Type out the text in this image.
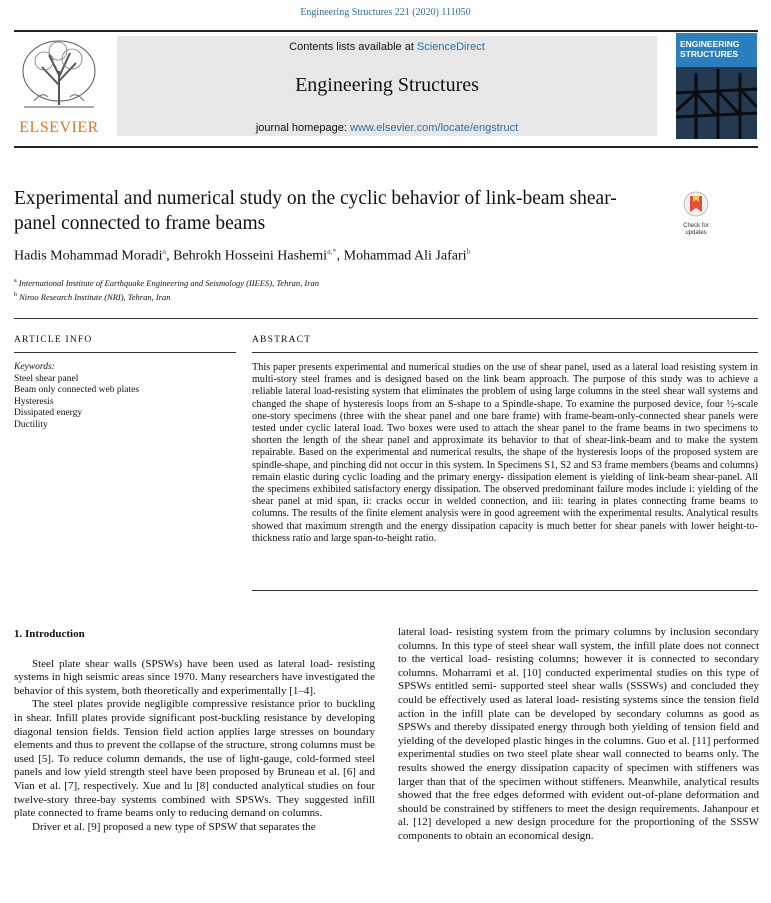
Engineering Structures 221 (2020) 111050
ELSEVIER
Contents lists available at ScienceDirect
Engineering Structures
journal homepage: www.elsevier.com/locate/engstruct
ENGINEERING
STRUCTURES
Experimental and numerical study on the cyclic behavior of link-beam shear-panel connected to frame beams	Check for
updates
Hadis Mohammad Moradi$^a$, Behrokh Hosseini Hashemi$^{a,*}$, Mohammad Ali Jafari$^b$
$^a$ International Institute of Earthquake Engineering and Seismology (IIEES), Tehran, Iran
$^b$ Niroo Research Institute (NRI), Tehran, Iran
ARTICLE INFO	ABSTRACT
Keywords:
Steel shear panel
Beam only connected web plates
Hysteresis
Dissipated energy
Ductility
This paper presents experimental and numerical studies on the use of shear panel, used as a lateral load resisting system in multi-story steel frames and is designed based on the link beam approach. The purpose of this study was to achieve a reliable lateral load-resisting system that eliminates the problem of using large columns in the steel shear wall systems and changed the shape of hysteresis loops from an S-shape to a Spindle-shape. To examine the purposed device, four ½-scale one-story specimens (three with the shear panel and one bare frame) with frame-beam-only-connected shear panels were tested under cyclic lateral load. Two boxes were used to attach the shear panel to the frame beams in two specimens to shorten the length of the shear panel and approximate its behavior to that of shear-link-beam and to make the system repairable. Based on the experimental and numerical results, the shape of the hysteresis loops of the proposed system are spindle-shape, and pinching did not occur in this system. In Specimens S1, S2 and S3 frame members (beams and columns) remain elastic during cyclic loading and the primary energy- dissipation element is yielding of link-beam shear-panel. All the specimens exhibited satisfactory energy dissipation. The observed predominant failure modes include i: yielding of the shear panel at mid span, ii: cracks occur in welded connection, and iii: tearing in plates connecting frame beams to columns. The results of the finite element analysis were in good agreement with the experimental results. Analytical results showed that maximum strength and the energy dissipation capacity is much better for shear panels with lower height-to-thickness ratio and large span-to-height ratio.
1. Introduction

Steel plate shear walls (SPSWs) have been used as lateral load- resisting systems in high seismic areas since 1970. Many researchers have investigated the behavior of this system, both theoretically and experimentally [1–4].

The steel plates provide negligible compressive resistance prior to buckling in shear. Infill plates provide significant post-buckling resistance by developing diagonal tension fields. Tension field action applies large stresses on boundary elements and thus to prevent the collapse of the structure, strong columns must be used [5]. To reduce column demands, the use of light-gauge, cold-formed steel panels and low yield strength steel have been proposed by Bruneau et al. [6] and Vian et al. [7], respectively. Xue and lu [8] conducted analytical studies on four twelve-story three-bay systems combined with SPSWs. They suggested infill plate connected to frame beams only to reducing demand on columns.

Driver et al. [9] proposed a new type of SPSW that separates the

lateral load- resisting system from the primary columns by inclusion secondary columns. In this type of steel shear wall system, the infill plate does not connect to the vertical load- resisting columns; however it is connected to secondary columns. Moharrami et al. [10] conducted experimental studies on this type of SPSWs entitled semi- supported steel shear walls (SSSWs) and concluded they could be effectively used as lateral load- resisting systems since the tension field action in the infill plate can be developed by secondary columns as good as SPSWs and thereby dissipated energy through both yielding of tension field and yielding of the developed plastic hinges in the columns. Guo et al. [11] performed experimental studies on two steel plate shear wall connected to beams only. The results showed the energy dissipation capacity of specimen with stiffeners was larger than that of the specimen without stiffeners. Meanwhile, analytical results showed that the free edges deformed with evident out-of-plane deformation and should be constrained by stiffeners to meet the design requirements. Jahanpour et al. [12] developed a new design procedure for the proportioning of the SSSW components to obtain an economical design.
